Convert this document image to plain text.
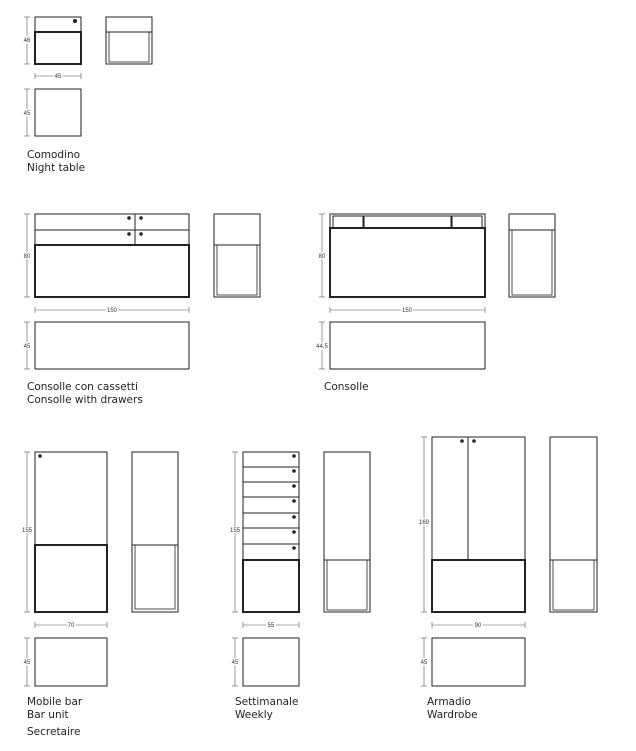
46
45
45
80
150
45
80
150
44,5
155
70
45
155
55
45
169
90
45
Comodino
Night table
Consolle con cassetti
Consolle with drawers
Consolle
Mobile bar
Bar unit
Secretaire
Settimanale
Weekly
Armadio
Wardrobe
